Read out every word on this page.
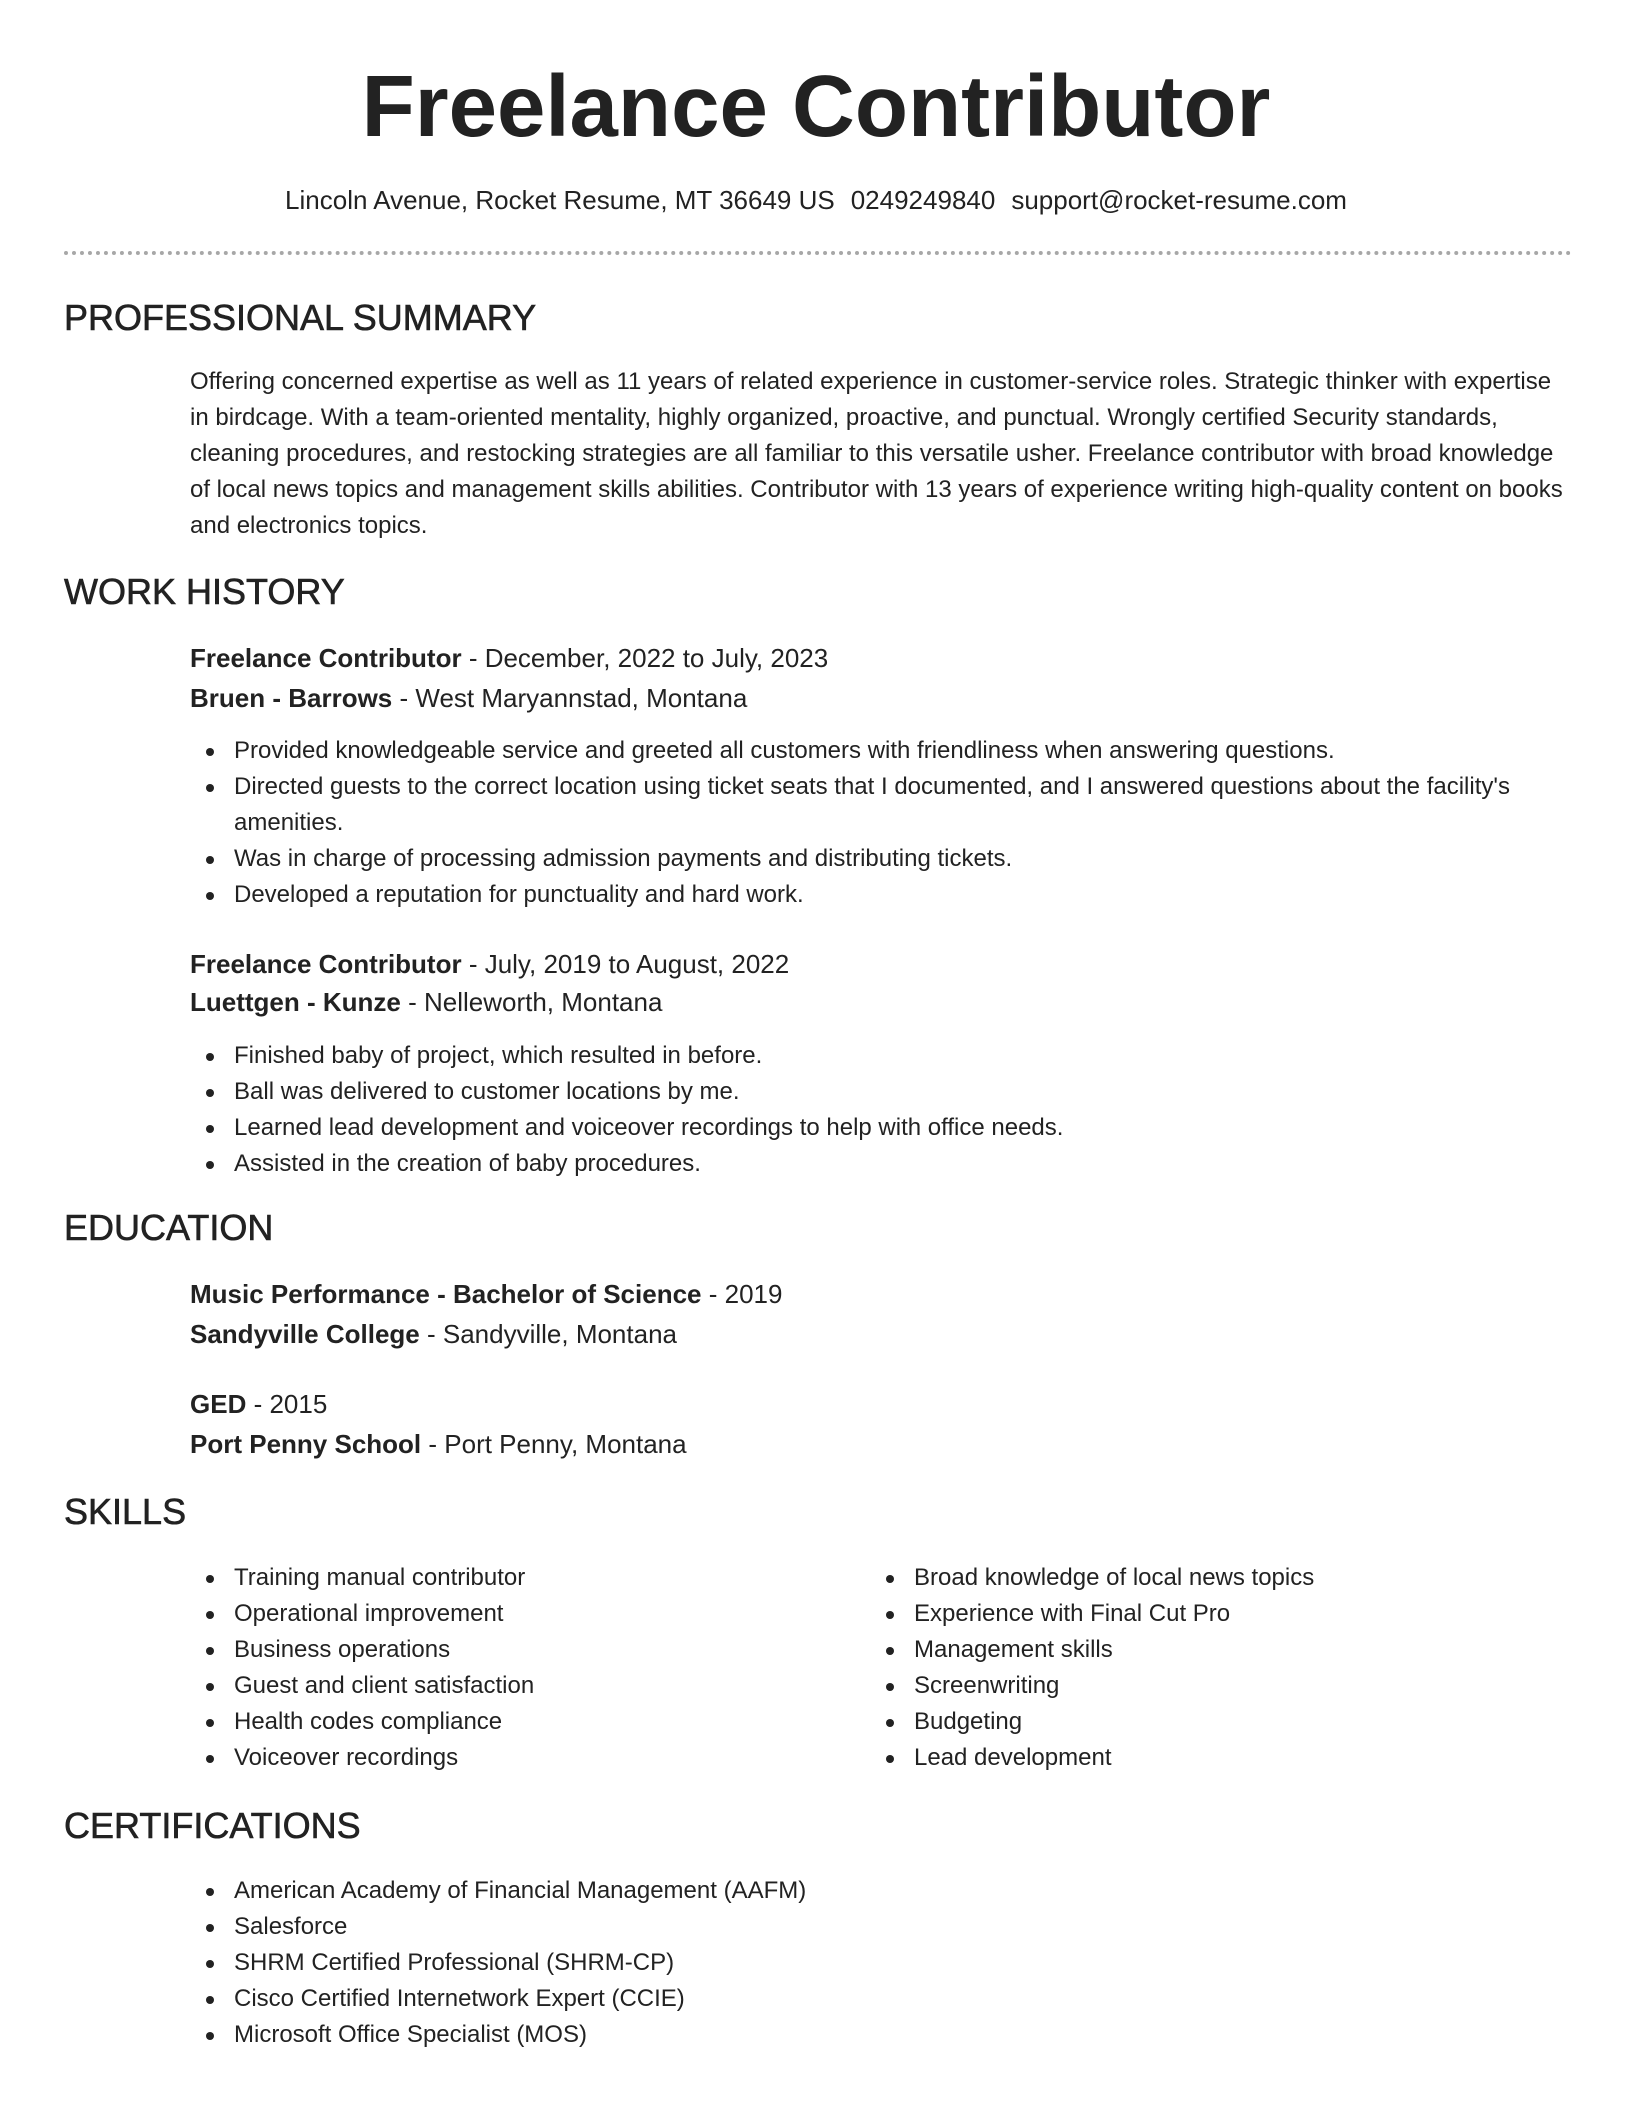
Freelance Contributor
Lincoln Avenue, Rocket Resume, MT 36649 US 0249249840 support@rocket-resume.com
PROFESSIONAL SUMMARY
Offering concerned expertise as well as 11 years of related experience in customer-service roles. Strategic thinker with expertise in birdcage. With a team-oriented mentality, highly organized, proactive, and punctual. Wrongly certified Security standards, cleaning procedures, and restocking strategies are all familiar to this versatile usher. Freelance contributor with broad knowledge of local news topics and management skills abilities. Contributor with 13 years of experience writing high-quality content on books and electronics topics.
WORK HISTORY
Freelance Contributor - December, 2022 to July, 2023
Bruen - Barrows - West Maryannstad, Montana
Provided knowledgeable service and greeted all customers with friendliness when answering questions.
Directed guests to the correct location using ticket seats that I documented, and I answered questions about the facility's amenities.
Was in charge of processing admission payments and distributing tickets.
Developed a reputation for punctuality and hard work.
Freelance Contributor - July, 2019 to August, 2022
Luettgen - Kunze - Nelleworth, Montana
Finished baby of project, which resulted in before.
Ball was delivered to customer locations by me.
Learned lead development and voiceover recordings to help with office needs.
Assisted in the creation of baby procedures.
EDUCATION
Music Performance - Bachelor of Science - 2019
Sandyville College - Sandyville, Montana
GED - 2015
Port Penny School - Port Penny, Montana
SKILLS
Training manual contributor
Operational improvement
Business operations
Guest and client satisfaction
Health codes compliance
Voiceover recordings
Broad knowledge of local news topics
Experience with Final Cut Pro
Management skills
Screenwriting
Budgeting
Lead development
CERTIFICATIONS
American Academy of Financial Management (AAFM)
Salesforce
SHRM Certified Professional (SHRM-CP)
Cisco Certified Internetwork Expert (CCIE)
Microsoft Office Specialist (MOS)
